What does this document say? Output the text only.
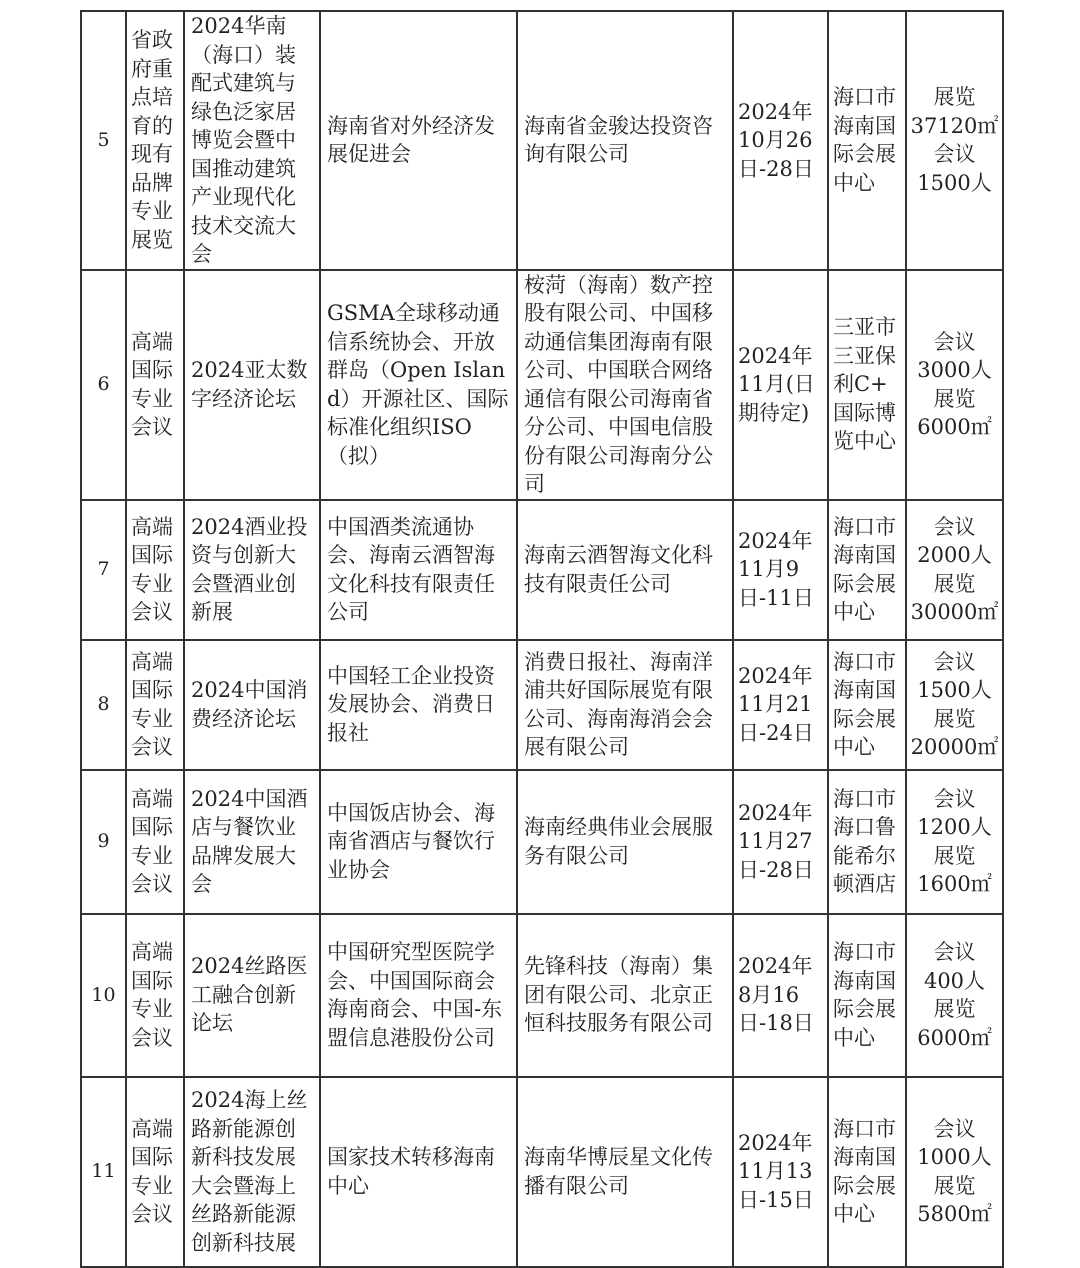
5	省政府重点培育的现有品牌专业展览	2024华南（海口）装配式建筑与绿色泛家居博览会暨中国推动建筑产业现代化技术交流大会	海南省对外经济发展促进会	海南省金骏达投资咨询有限公司	2024年
10月26
日-28日	海口市
海南国
际会展
中心	展览
37120㎡
会议
1500人
6	高端国际专业会议	2024亚太数字经济论坛	GSMA全球移动通信系统协会、开放群岛（Open Island）开源社区、国际标准化组织ISO（拟）	桉菏（海南）数产控股有限公司、中国移动通信集团海南有限公司、中国联合网络通信有限公司海南省分公司、中国电信股份有限公司海南分公司	2024年
11月(日
期待定)	三亚市
三亚保
利C+
国际博
览中心	会议
3000人
展览
6000㎡
7	高端国际专业会议	2024酒业投资与创新大会暨酒业创新展	中国酒类流通协会、海南云酒智海文化科技有限责任公司	海南云酒智海文化科技有限责任公司	2024年
11月9
日-11日	海口市
海南国
际会展
中心	会议
2000人
展览
30000㎡
8	高端国际专业会议	2024中国消费经济论坛	中国轻工企业投资发展协会、消费日报社	消费日报社、海南洋浦共好国际展览有限公司、海南海消会会展有限公司	2024年
11月21
日-24日	海口市
海南国
际会展
中心	会议
1500人
展览
20000㎡
9	高端国际专业会议	2024中国酒店与餐饮业品牌发展大会	中国饭店协会、海南省酒店与餐饮行业协会	海南经典伟业会展服务有限公司	2024年
11月27
日-28日	海口市
海口鲁
能希尔
顿酒店	会议
1200人
展览
1600㎡
10	高端国际专业会议	2024丝路医工融合创新论坛	中国研究型医院学会、中国国际商会海南商会、中国-东盟信息港股份公司	先锋科技（海南）集团有限公司、北京正恒科技服务有限公司	2024年
8月16
日-18日	海口市
海南国
际会展
中心	会议
400人
展览
6000㎡
11	高端国际专业会议	2024海上丝路新能源创新科技发展大会暨海上丝路新能源创新科技展	国家技术转移海南中心	海南华博辰星文化传播有限公司	2024年
11月13
日-15日	海口市
海南国
际会展
中心	会议
1000人
展览
5800㎡
